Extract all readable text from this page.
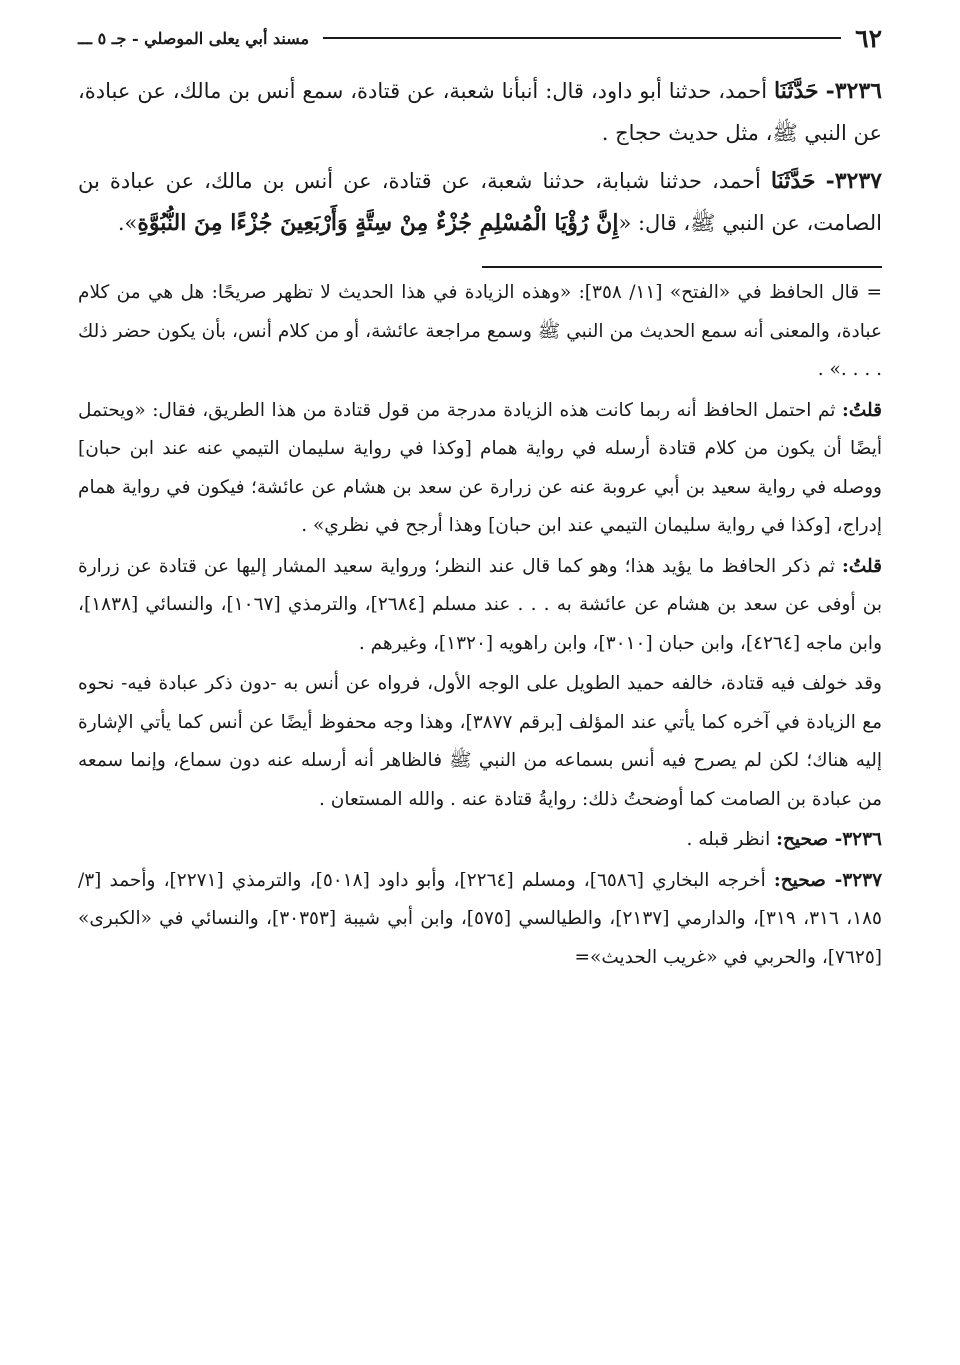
٦٢
مسند أبي يعلى الموصلي - جـ ٥ ـــ

٣٢٣٦- حَدَّثَنَا أحمد، حدثنا أبو داود، قال: أنبأنا شعبة، عن قتادة، سمع أنس بن مالك، عن عبادة، عن النبي ﷺ، مثل حديث حجاج .

٣٢٣٧- حَدَّثَنَا أحمد، حدثنا شبابة، حدثنا شعبة، عن قتادة، عن أنس بن مالك، عن عبادة بن الصامت، عن النبي ﷺ، قال: «إِنَّ رُؤْيَا الْمُسْلِمِ جُزْءٌ مِنْ سِتَّةٍ وَأَرْبَعِينَ جُزْءًا مِنَ النُّبُوَّةِ».

= قال الحافظ في «الفتح» [١١/ ٣٥٨]: «وهذه الزيادة في هذا الحديث لا تظهر صريحًا: هل هي من كلام عبادة، والمعنى أنه سمع الحديث من النبي ﷺ وسمع مراجعة عائشة، أو من كلام أنس، بأن يكون حضر ذلك . . . .» .

قلتُ: ثم احتمل الحافظ أنه ربما كانت هذه الزيادة مدرجة من قول قتادة من هذا الطريق، فقال: «ويحتمل أيضًا أن يكون من كلام قتادة أرسله في رواية همام [وكذا في رواية سليمان التيمي عنه عند ابن حبان] ووصله في رواية سعيد بن أبي عروبة عنه عن زرارة عن سعد بن هشام عن عائشة؛ فيكون في رواية همام إدراج، [وكذا في رواية سليمان التيمي عند ابن حبان] وهذا أرجح في نظري» .

قلتُ: ثم ذكر الحافظ ما يؤيد هذا؛ وهو كما قال عند النظر؛ ورواية سعيد المشار إليها عن قتادة عن زرارة بن أوفى عن سعد بن هشام عن عائشة به . . . عند مسلم [٢٦٨٤]، والترمذي [١٠٦٧]، والنسائي [١٨٣٨]، وابن ماجه [٤٢٦٤]، وابن حبان [٣٠١٠]، وابن راهويه [١٣٢٠]، وغيرهم .

وقد خولف فيه قتادة، خالفه حميد الطويل على الوجه الأول، فرواه عن أنس به -دون ذكر عبادة فيه- نحوه مع الزيادة في آخره كما يأتي عند المؤلف [برقم ٣٨٧٧]، وهذا وجه محفوظ أيضًا عن أنس كما يأتي الإشارة إليه هناك؛ لكن لم يصرح فيه أنس بسماعه من النبي ﷺ فالظاهر أنه أرسله عنه دون سماع، وإنما سمعه من عبادة بن الصامت كما أوضحتُ ذلك: روايةُ قتادة عنه . والله المستعان .

٣٢٣٦- صحيح: انظر قبله .

٣٢٣٧- صحيح: أخرجه البخاري [٦٥٨٦]، ومسلم [٢٢٦٤]، وأبو داود [٥٠١٨]، والترمذي [٢٢٧١]، وأحمد [٣/ ١٨٥، ٣١٦، ٣١٩]، والدارمي [٢١٣٧]، والطيالسي [٥٧٥]، وابن أبي شيبة [٣٠٣٥٣]، والنسائي في «الكبرى» [٧٦٢٥]، والحربي في «غريب الحديث»=
